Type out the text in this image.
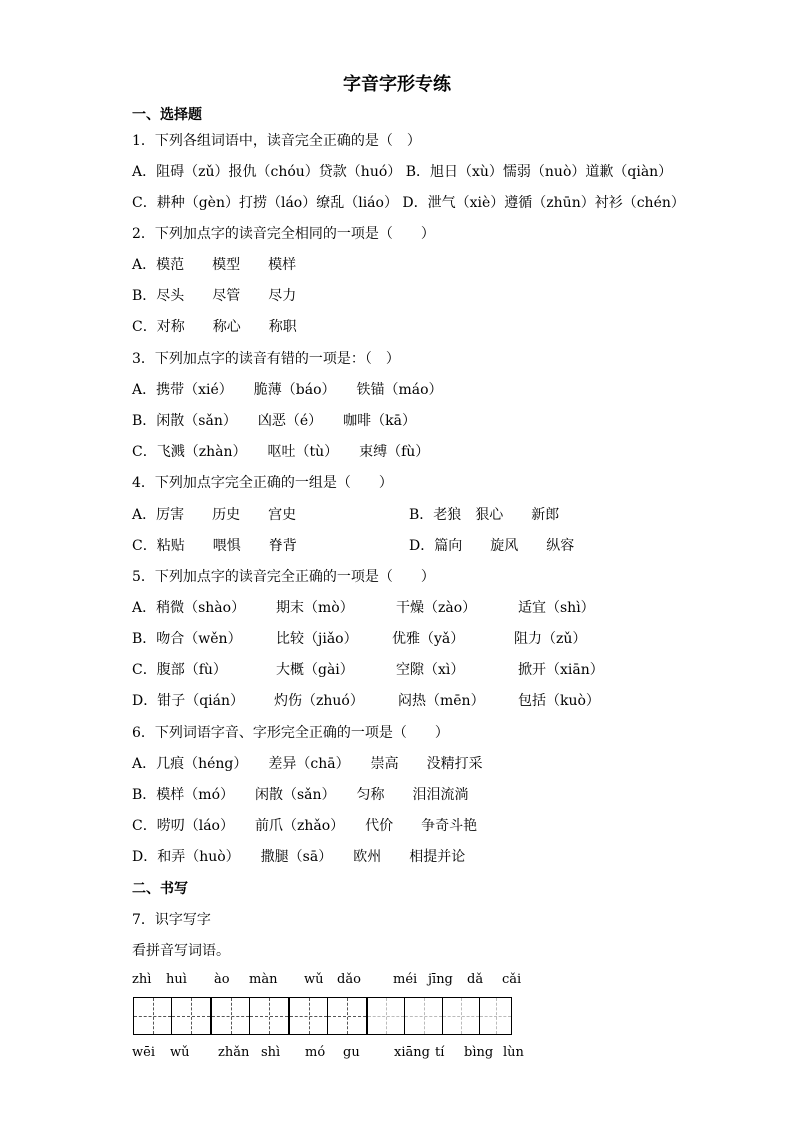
字音字形专练
一、选择题
1．下列各组词语中，读音完全正确的是（　）
A．阻碍（zǔ）报仇（chóu）贷款（huó） B．旭日（xù）懦弱（nuò）道歉（qiàn）
C．耕种（gèn）打捞（láo）缭乱（liáo） D．泄气（xiè）遵循（zhūn）衬衫（chén）
2．下列加点字的读音完全相同的一项是（　　）
A．模范　　模型　　模样
B．尽头　　尽管　　尽力
C．对称　　称心　　称职
3．下列加点字的读音有错的一项是：（　）
A．携带（xié）　　脆薄（báo）　　铁锚（máo）
B．闲散（sǎn）　　凶恶（é）　　咖啡（kā）
C．飞溅（zhàn）　　呕吐（tù）　　束缚（fù）
4．下列加点字完全正确的一组是（　　）
A．厉害　　历史　　宫史	B．老狼　狠心　　新郎
C．粘贴　　喂惧　　脊背	D．篇向　　旋风　　纵容
5．下列加点字的读音完全正确的一项是（　　）
A．稍微（shào） 期末（mò）	干燥（zào）	适宜（shì）
B．吻合（wěn） 比较（jiǎo） 优雅（yǎ）	阻力（zǔ）
C．腹部（fù）	大概（gài）	空隙（xì）	掀开（xiān）
D．钳子（qián） 灼伤（zhuó） 闷热（mēn） 包括（kuò）
6．下列词语字音、字形完全正确的一项是（　　）
A．几痕（héng）　　差异（chā）　　崇高　　没精打采
B．模样（mó）　　闲散（sǎn）　　匀称　　泪泪流淌
C．唠叨（láo）　　前爪（zhǎo）　　代价　　争奇斗艳
D．和弄（huò）　　撒腿（sā）　　欧州　　相提并论
二、书写
7．识字写字
看拼音写词语。
zhì huì ào màn wǔ dǎo méi jīng dǎ cǎi
wēi wǔ zhǎn shì mó gu	xiāng tí bìng lùn
